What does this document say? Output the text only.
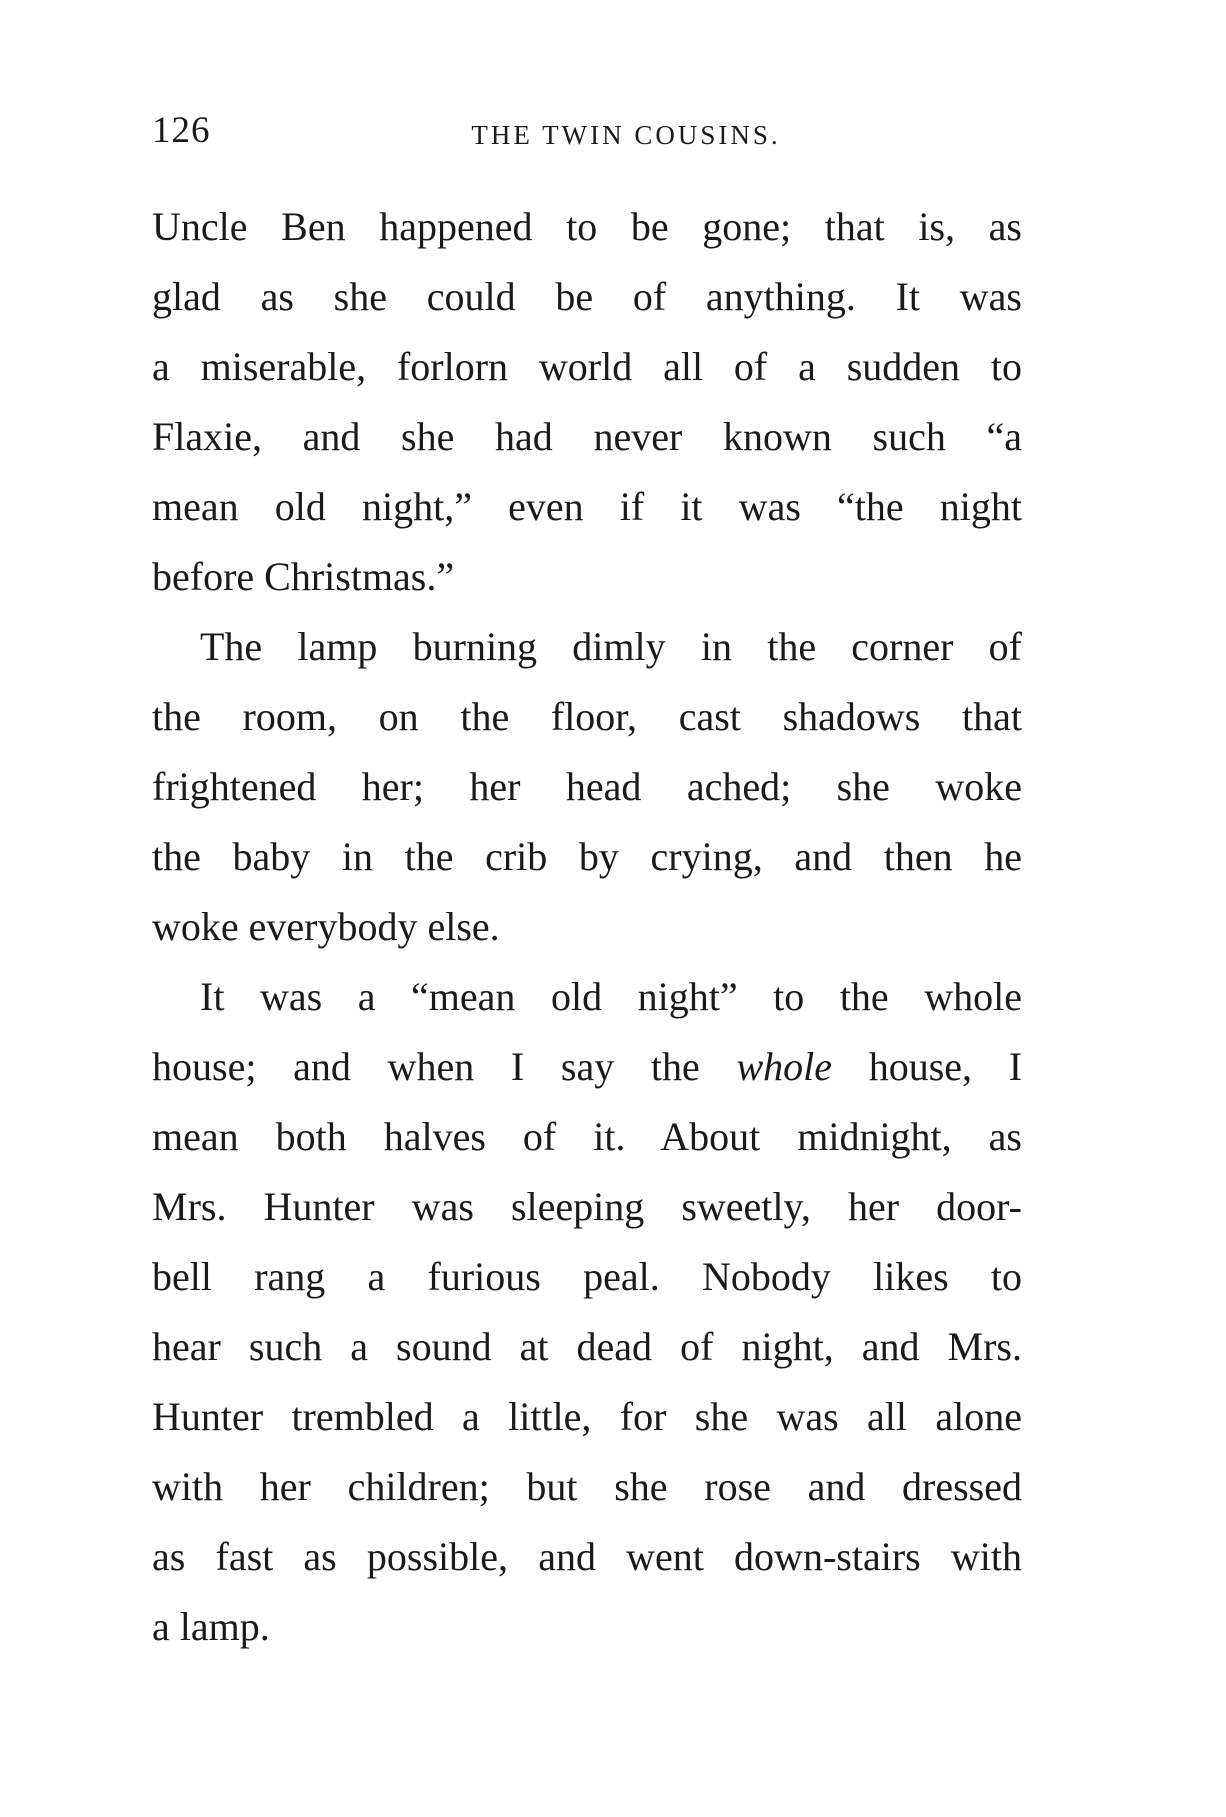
126	THE TWIN COUSINS.
Uncle Ben happened to be gone; that is, as
glad as she could be of anything. It was
a miserable, forlorn world all of a sudden to
Flaxie, and she had never known such “a
mean old night,” even if it was “the night
before Christmas.”
The lamp burning dimly in the corner of
the room, on the floor, cast shadows that
frightened her; her head ached; she woke
the baby in the crib by crying, and then he
woke everybody else.
It was a “mean old night” to the whole
house; and when I say the whole house, I
mean both halves of it. About midnight, as
Mrs. Hunter was sleeping sweetly, her door-
bell rang a furious peal. Nobody likes to
hear such a sound at dead of night, and Mrs.
Hunter trembled a little, for she was all alone
with her children; but she rose and dressed
as fast as possible, and went down-stairs with
a lamp.
